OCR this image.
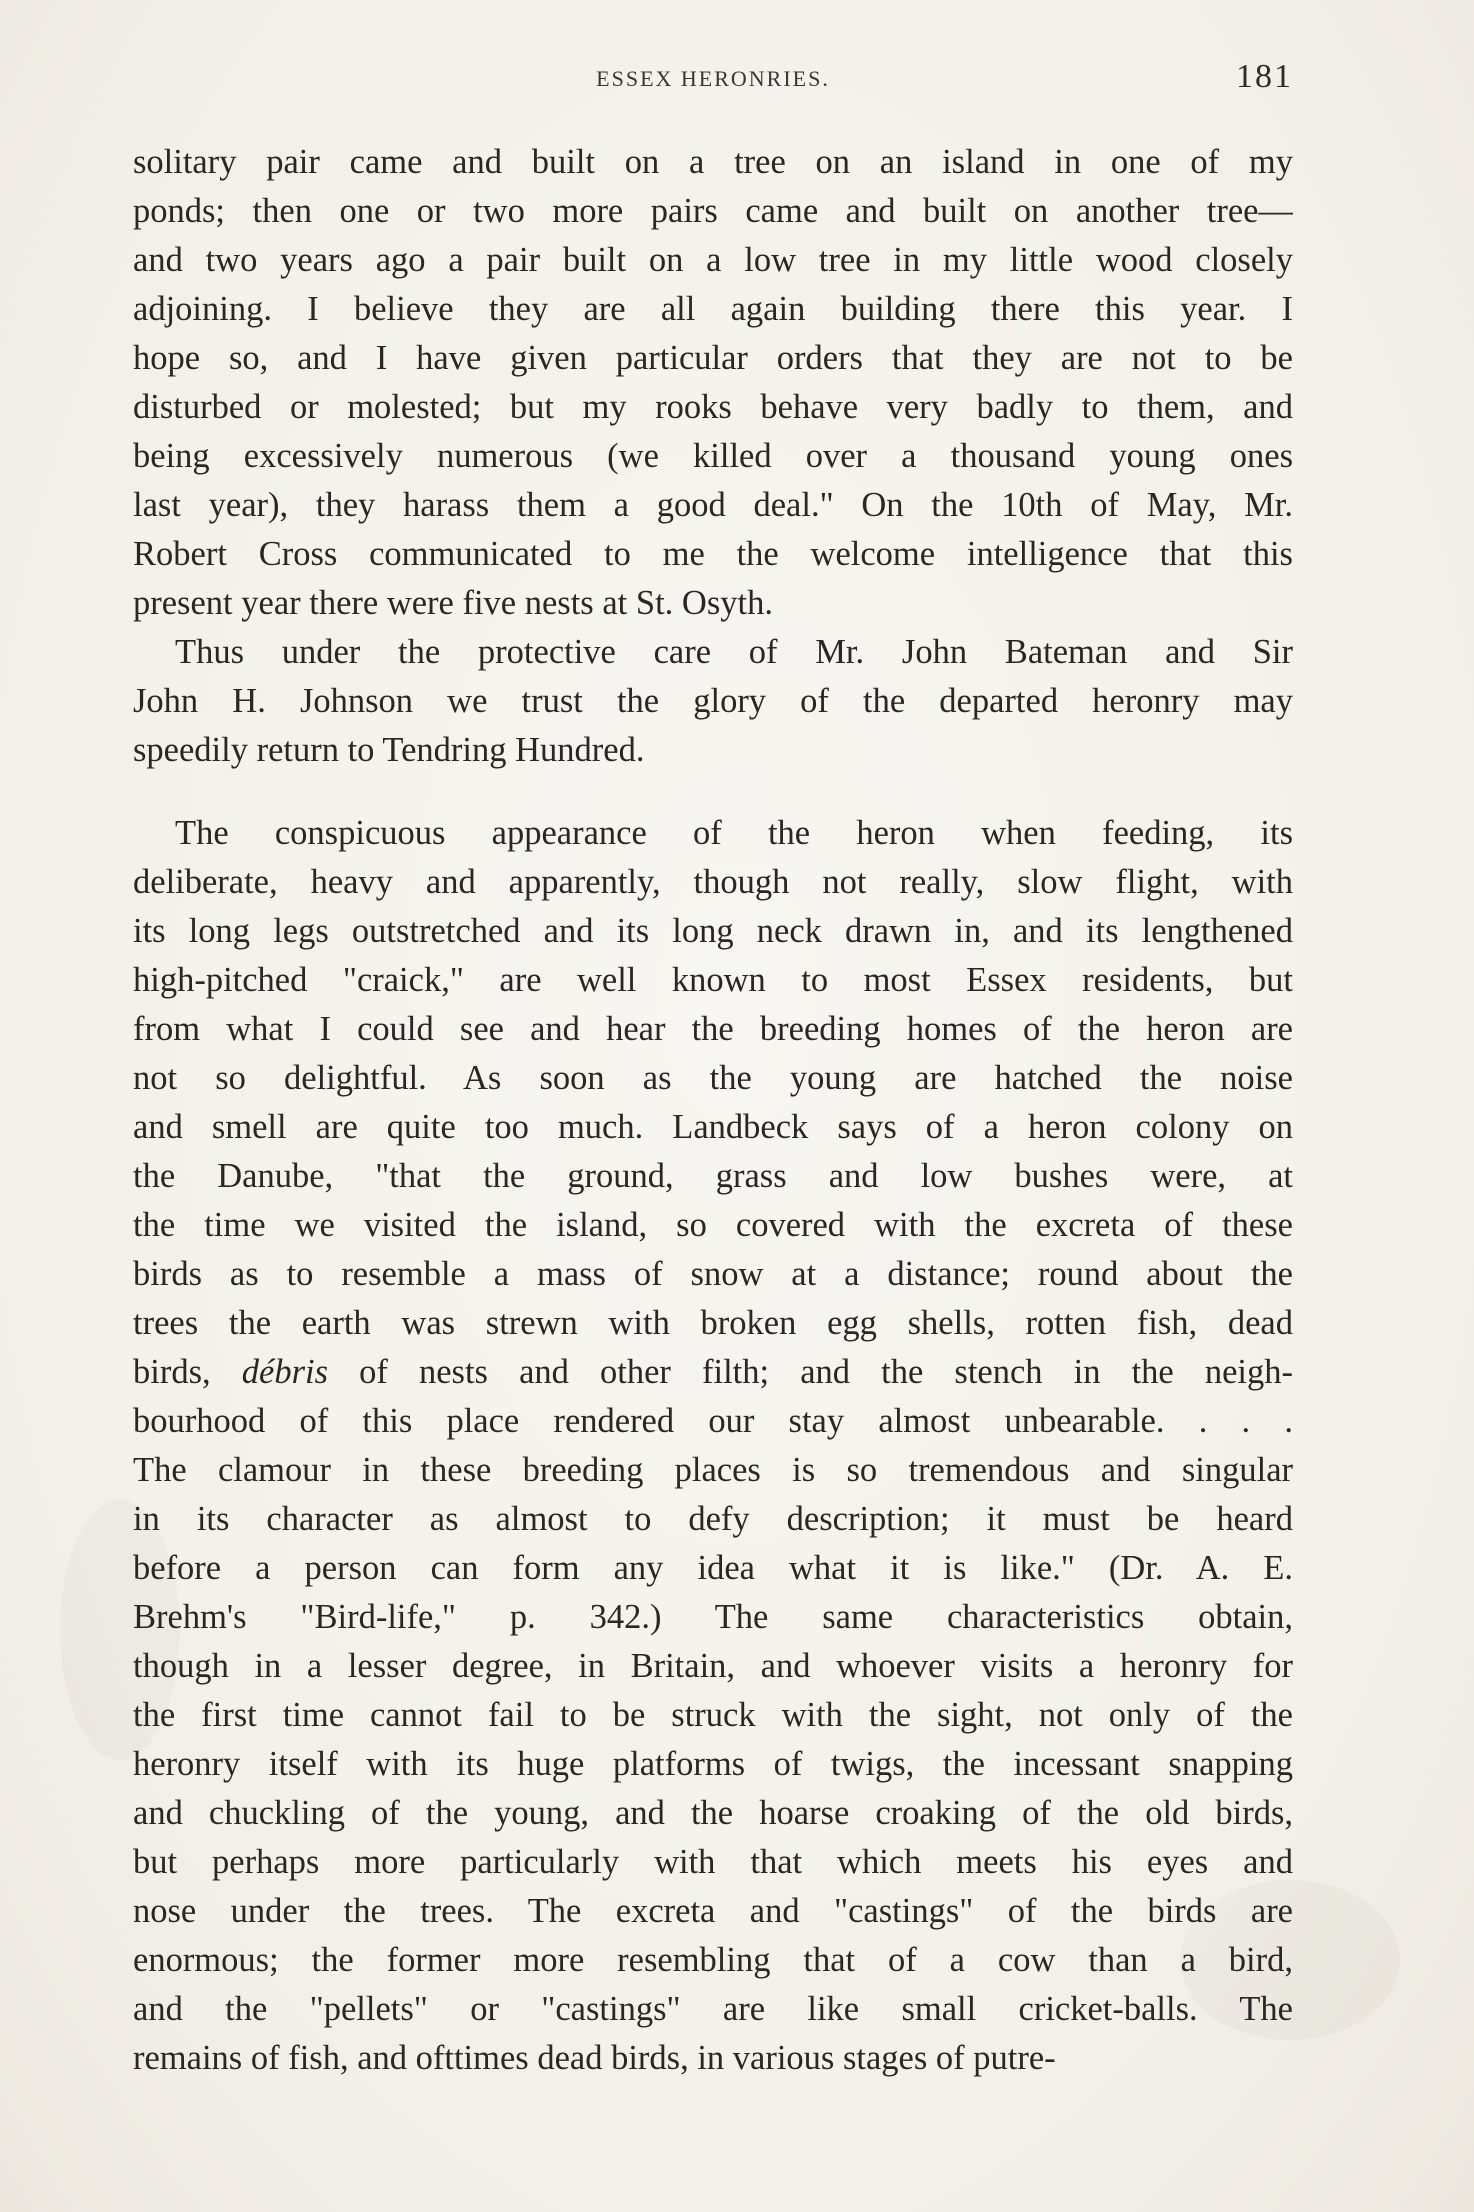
ESSEX HERONRIES.	181
solitary pair came and built on a tree on an island in one of my
ponds; then one or two more pairs came and built on another tree—
and two years ago a pair built on a low tree in my little wood closely
adjoining. I believe they are all again building there this year. I
hope so, and I have given particular orders that they are not to be
disturbed or molested; but my rooks behave very badly to them, and
being excessively numerous (we killed over a thousand young ones
last year), they harass them a good deal." On the 10th of May, Mr.
Robert Cross communicated to me the welcome intelligence that this
present year there were five nests at St. Osyth.
Thus under the protective care of Mr. John Bateman and Sir
John H. Johnson we trust the glory of the departed heronry may
speedily return to Tendring Hundred.
The conspicuous appearance of the heron when feeding, its
deliberate, heavy and apparently, though not really, slow flight, with
its long legs outstretched and its long neck drawn in, and its lengthened
high-pitched "craick," are well known to most Essex residents, but
from what I could see and hear the breeding homes of the heron are
not so delightful. As soon as the young are hatched the noise
and smell are quite too much. Landbeck says of a heron colony on
the Danube, "that the ground, grass and low bushes were, at
the time we visited the island, so covered with the excreta of these
birds as to resemble a mass of snow at a distance; round about the
trees the earth was strewn with broken egg shells, rotten fish, dead
birds, débris of nests and other filth; and the stench in the neigh-
bourhood of this place rendered our stay almost unbearable. . . .
The clamour in these breeding places is so tremendous and singular
in its character as almost to defy description; it must be heard
before a person can form any idea what it is like." (Dr. A. E.
Brehm's "Bird-life," p. 342.) The same characteristics obtain,
though in a lesser degree, in Britain, and whoever visits a heronry for
the first time cannot fail to be struck with the sight, not only of the
heronry itself with its huge platforms of twigs, the incessant snapping
and chuckling of the young, and the hoarse croaking of the old birds,
but perhaps more particularly with that which meets his eyes and
nose under the trees. The excreta and "castings" of the birds are
enormous; the former more resembling that of a cow than a bird,
and the "pellets" or "castings" are like small cricket-balls. The
remains of fish, and ofttimes dead birds, in various stages of putre-
